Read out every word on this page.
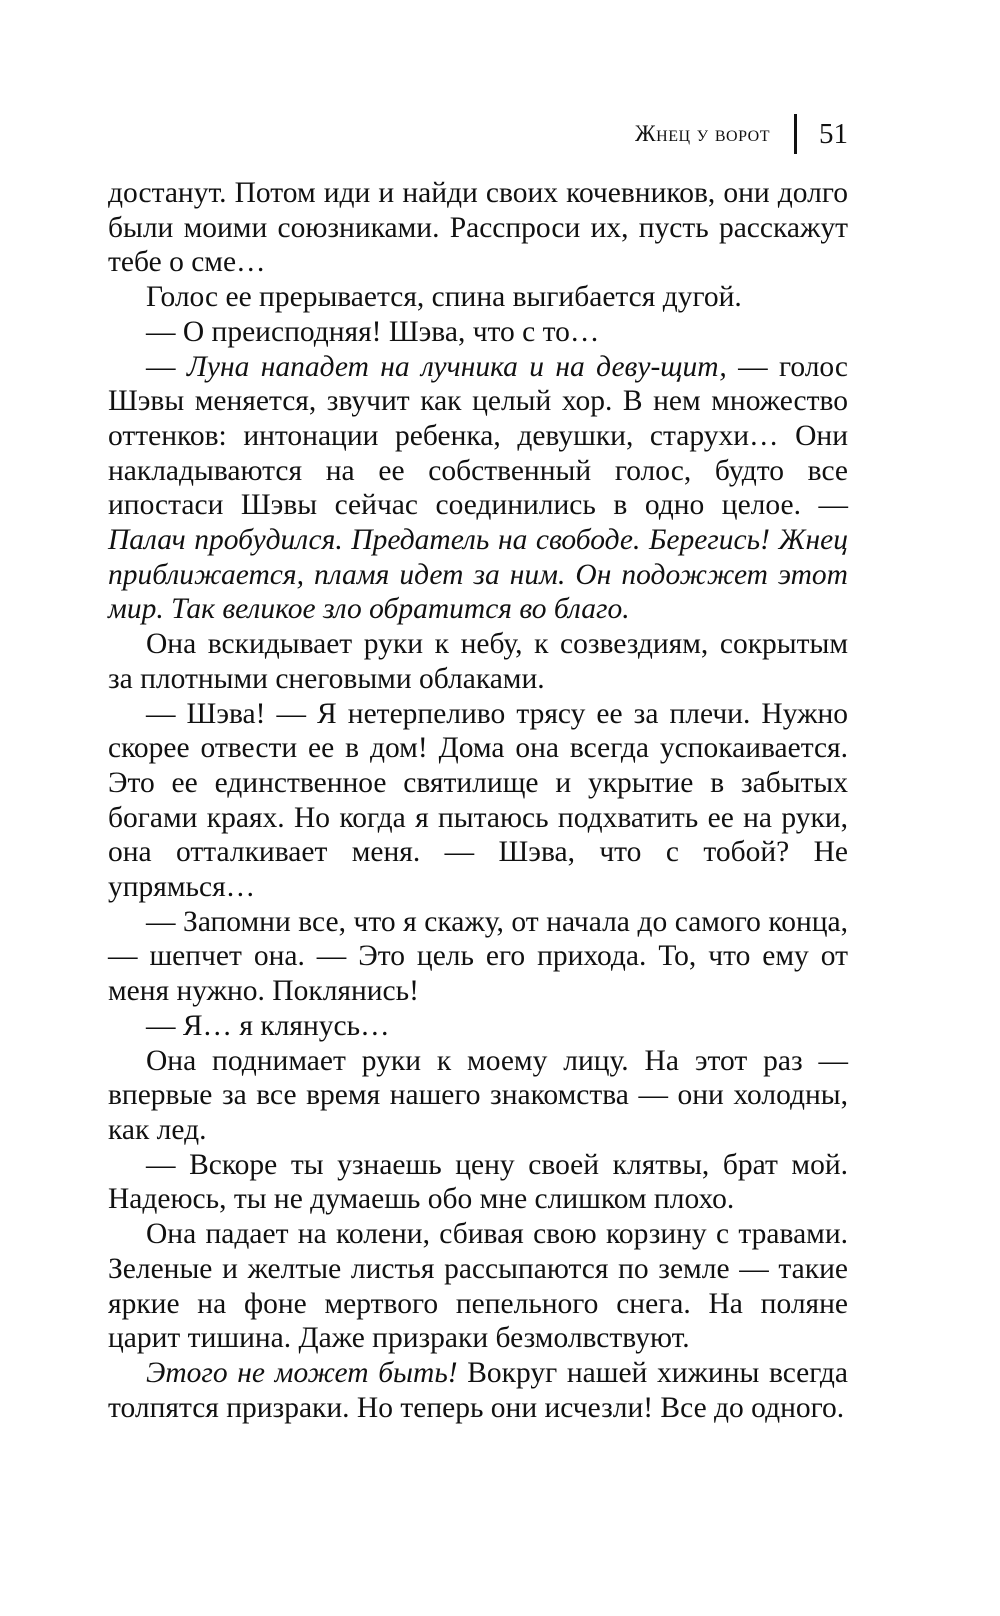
Жнец у ворот 51

достанут. Потом иди и найди своих кочевников, они долго были моими союзниками. Расспроси их, пусть расскажут тебе о сме…

Голос ее прерывается, спина выгибается дугой.

— О преисподняя! Шэва, что с то…

— Луна нападет на лучника и на деву-щит, — голос Шэвы меняется, звучит как целый хор. В нем множество оттенков: интонации ребенка, девушки, старухи… Они накладываются на ее собственный голос, будто все ипостаси Шэвы сейчас соединились в одно целое. — Палач пробудился. Предатель на свободе. Берегись! Жнец приближается, пламя идет за ним. Он подожжет этот мир. Так великое зло обратится во благо.

Она вскидывает руки к небу, к созвездиям, сокрытым за плотными снеговыми облаками.

— Шэва! — Я нетерпеливо трясу ее за плечи. Нужно скорее отвести ее в дом! Дома она всегда успокаивается. Это ее единственное святилище и укрытие в забытых богами краях. Но когда я пытаюсь подхватить ее на руки, она отталкивает меня. — Шэва, что с тобой? Не упрямься…

— Запомни все, что я скажу, от начала до самого конца, — шепчет она. — Это цель его прихода. То, что ему от меня нужно. Поклянись!

— Я… я клянусь…

Она поднимает руки к моему лицу. На этот раз — впервые за все время нашего знакомства — они холодны, как лед.

— Вскоре ты узнаешь цену своей клятвы, брат мой. Надеюсь, ты не думаешь обо мне слишком плохо.

Она падает на колени, сбивая свою корзину с травами. Зеленые и желтые листья рассыпаются по земле — такие яркие на фоне мертвого пепельного снега. На поляне царит тишина. Даже призраки безмолвствуют.

Этого не может быть! Вокруг нашей хижины всегда толпятся призраки. Но теперь они исчезли! Все до одного.
